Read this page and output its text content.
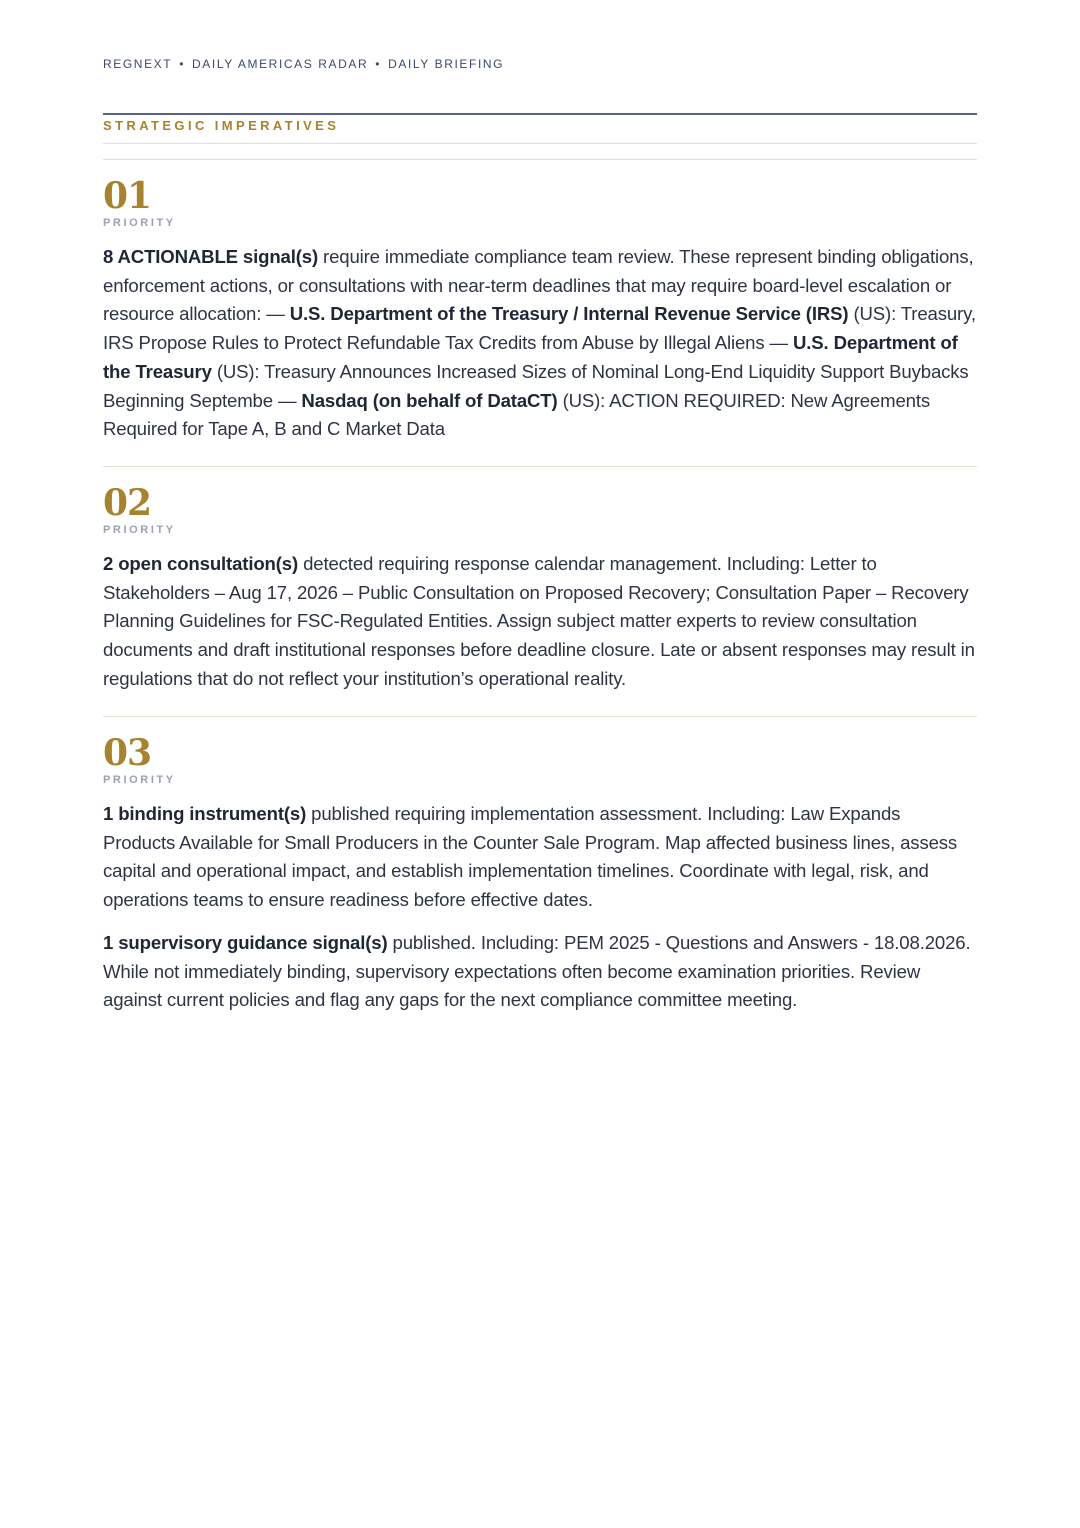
REGNEXT • DAILY AMERICAS RADAR • DAILY BRIEFING
STRATEGIC IMPERATIVES
01
PRIORITY

8 ACTIONABLE signal(s) require immediate compliance team review. These represent binding obligations, enforcement actions, or consultations with near-term deadlines that may require board-level escalation or resource allocation: — U.S. Department of the Treasury / Internal Revenue Service (IRS) (US): Treasury, IRS Propose Rules to Protect Refundable Tax Credits from Abuse by Illegal Aliens — U.S. Department of the Treasury (US): Treasury Announces Increased Sizes of Nominal Long-End Liquidity Support Buybacks Beginning Septembe — Nasdaq (on behalf of DataCT) (US): ACTION REQUIRED: New Agreements Required for Tape A, B and C Market Data

02
PRIORITY

2 open consultation(s) detected requiring response calendar management. Including: Letter to Stakeholders – Aug 17, 2026 – Public Consultation on Proposed Recovery; Consultation Paper – Recovery Planning Guidelines for FSC-Regulated Entities. Assign subject matter experts to review consultation documents and draft institutional responses before deadline closure. Late or absent responses may result in regulations that do not reflect your institution’s operational reality.

03
PRIORITY

1 binding instrument(s) published requiring implementation assessment. Including: Law Expands Products Available for Small Producers in the Counter Sale Program. Map affected business lines, assess capital and operational impact, and establish implementation timelines. Coordinate with legal, risk, and operations teams to ensure readiness before effective dates.

1 supervisory guidance signal(s) published. Including: PEM 2025 - Questions and Answers - 18.08.2026. While not immediately binding, supervisory expectations often become examination priorities. Review against current policies and flag any gaps for the next compliance committee meeting.
